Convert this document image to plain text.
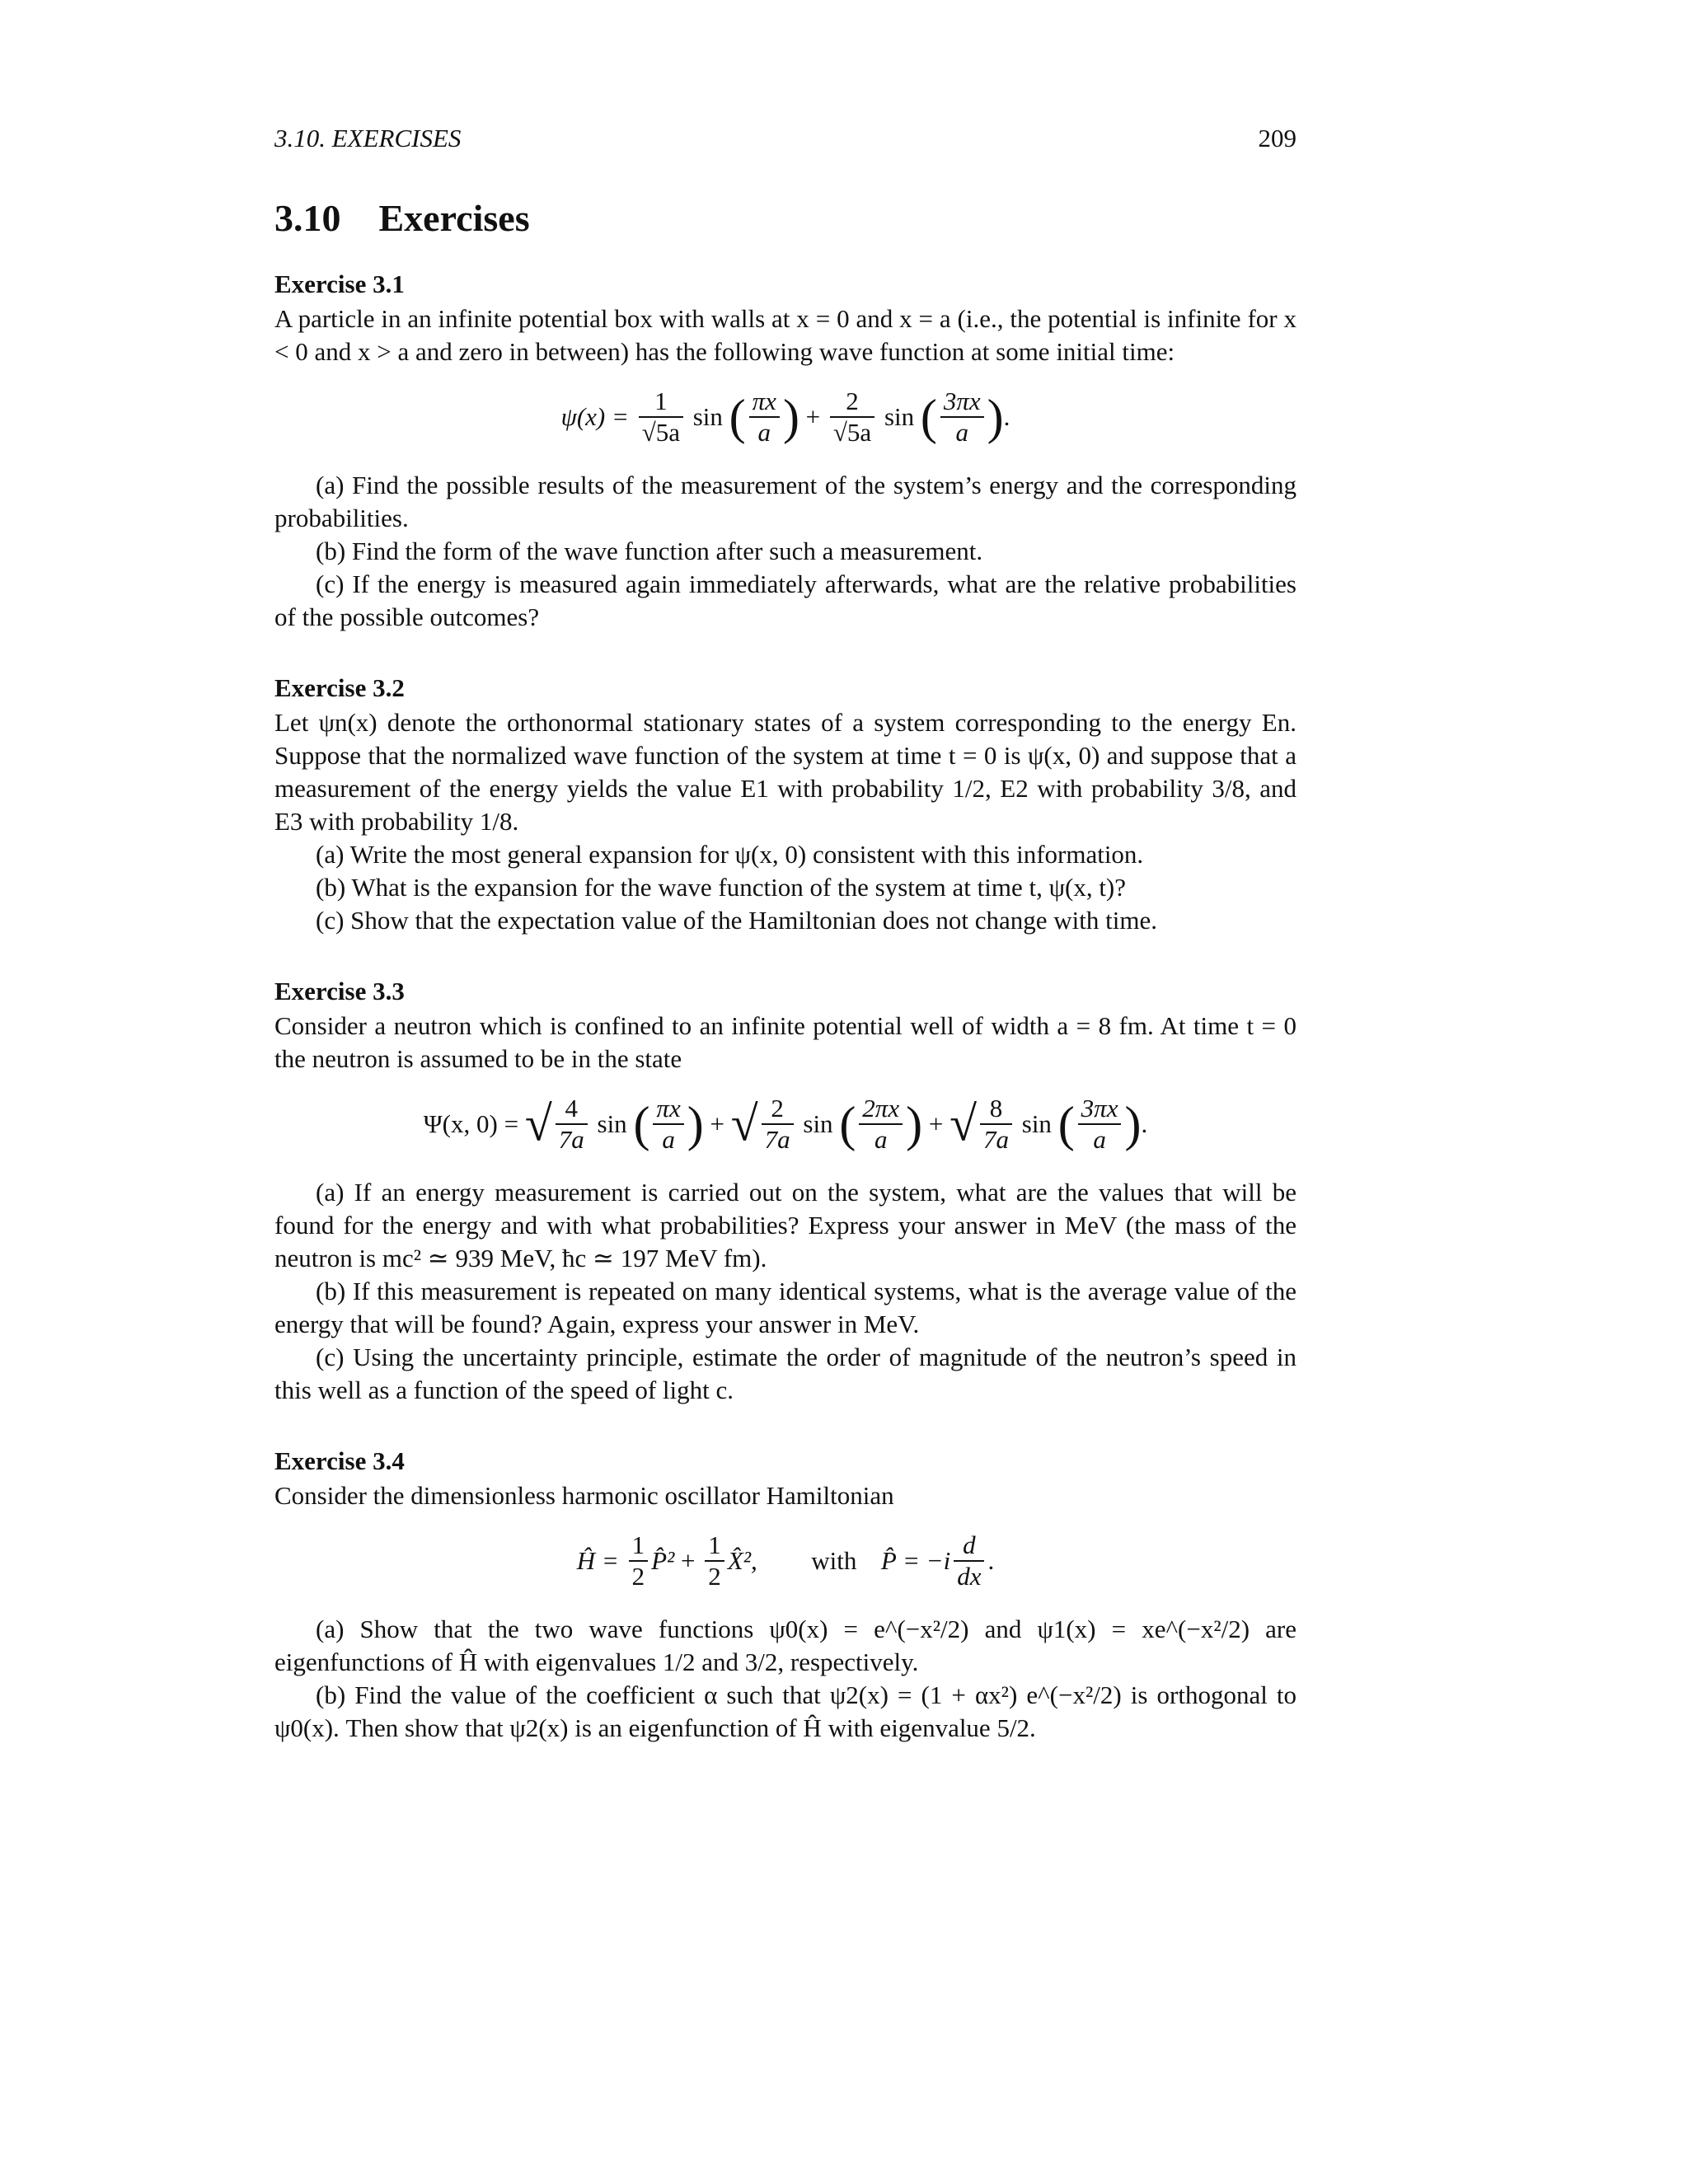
3.10. EXERCISES	209
3.10 Exercises
Exercise 3.1

A particle in an infinite potential box with walls at x = 0 and x = a (i.e., the potential is infinite for x < 0 and x > a and zero in between) has the following wave function at some initial time:

$\psi(x) = \frac{1}{√5a}$ sin ( $\frac{\pi x}{a}$ ) + $\frac{2}{√5a}$ sin ( $\frac{3\pi x}{a}$ ).

(a) Find the possible results of the measurement of the system’s energy and the corresponding probabilities.

(b) Find the form of the wave function after such a measurement.

(c) If the energy is measured again immediately afterwards, what are the relative probabilities of the possible outcomes?

Exercise 3.2

Let ψn(x) denote the orthonormal stationary states of a system corresponding to the energy En. Suppose that the normalized wave function of the system at time t = 0 is ψ(x, 0) and suppose that a measurement of the energy yields the value E1 with probability 1/2, E2 with probability 3/8, and E3 with probability 1/8.

(a) Write the most general expansion for ψ(x, 0) consistent with this information.

(b) What is the expansion for the wave function of the system at time t, ψ(x, t)?

(c) Show that the expectation value of the Hamiltonian does not change with time.

Exercise 3.3

Consider a neutron which is confined to an infinite potential well of width a = 8 fm. At time t = 0 the neutron is assumed to be in the state

Ψ(x, 0) = √ $\frac{4}{7a}$ sin ( $\frac{\pi x}{a}$ ) + √ $\frac{2}{7a}$ sin ( $\frac{2\pi x}{a}$ ) + √ $\frac{8}{7a}$ sin ( $\frac{3\pi x}{a}$ ).

(a) If an energy measurement is carried out on the system, what are the values that will be found for the energy and with what probabilities? Express your answer in MeV (the mass of the neutron is mc² ≃ 939 MeV, ħc ≃ 197 MeV fm).

(b) If this measurement is repeated on many identical systems, what is the average value of the energy that will be found? Again, express your answer in MeV.

(c) Using the uncertainty principle, estimate the order of magnitude of the neutron’s speed in this well as a function of the speed of light c.

Exercise 3.4

Consider the dimensionless harmonic oscillator Hamiltonian

Ĥ = $\frac{1}{2}$ P̂² + $\frac{1}{2}$ X̂², with P̂ = $-i \frac{d}{dx}$ .

(a) Show that the two wave functions ψ0(x) = e^(−x²/2) and ψ1(x) = xe^(−x²/2) are eigenfunctions of Ĥ with eigenvalues 1/2 and 3/2, respectively.

(b) Find the value of the coefficient α such that ψ2(x) = (1 + αx²) e^(−x²/2) is orthogonal to ψ0(x). Then show that ψ2(x) is an eigenfunction of Ĥ with eigenvalue 5/2.
